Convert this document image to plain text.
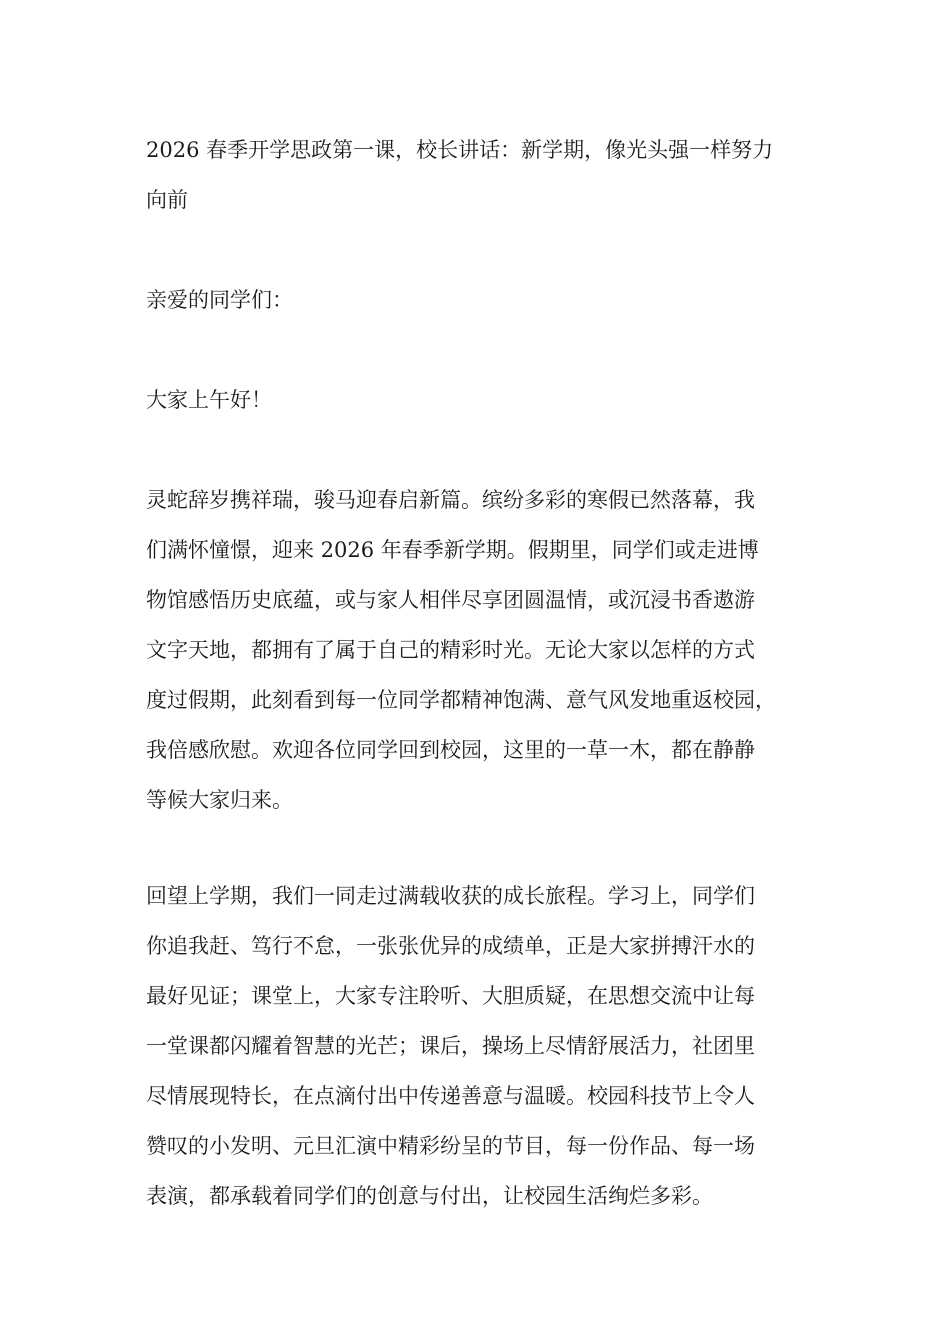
2026 春季开学思政第一课，校长讲话：新学期，像光头强一样努力
向前
亲爱的同学们：
大家上午好！
灵蛇辞岁携祥瑞，骏马迎春启新篇。缤纷多彩的寒假已然落幕，我
们满怀憧憬，迎来 2026 年春季新学期。假期里，同学们或走进博
物馆感悟历史底蕴，或与家人相伴尽享团圆温情，或沉浸书香遨游
文字天地，都拥有了属于自己的精彩时光。无论大家以怎样的方式
度过假期，此刻看到每一位同学都精神饱满、意气风发地重返校园，
我倍感欣慰。欢迎各位同学回到校园，这里的一草一木，都在静静
等候大家归来。
回望上学期，我们一同走过满载收获的成长旅程。学习上，同学们
你追我赶、笃行不怠，一张张优异的成绩单，正是大家拼搏汗水的
最好见证；课堂上，大家专注聆听、大胆质疑，在思想交流中让每
一堂课都闪耀着智慧的光芒；课后，操场上尽情舒展活力，社团里
尽情展现特长，在点滴付出中传递善意与温暖。校园科技节上令人
赞叹的小发明、元旦汇演中精彩纷呈的节目，每一份作品、每一场
表演，都承载着同学们的创意与付出，让校园生活绚烂多彩。
